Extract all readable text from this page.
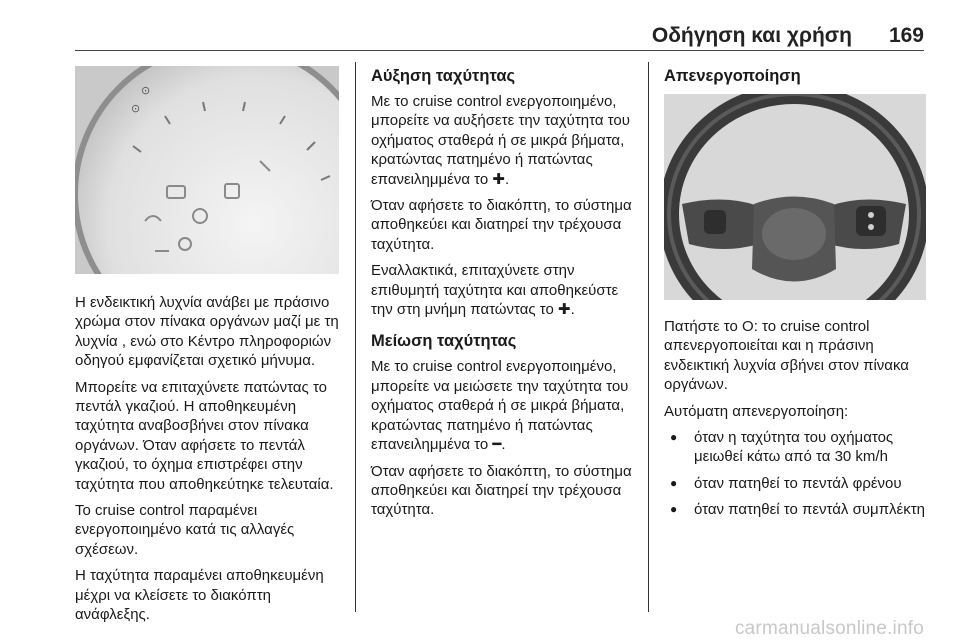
Οδήγηση και χρήση 169
⊙
⊙

Η ενδεικτική λυχνία ανάβει με πράσινο χρώμα στον πίνακα οργάνων μαζί με τη λυχνία , ενώ στο Κέντρο πληροφοριών οδηγού εμφανίζεται σχετικό μήνυμα.

Μπορείτε να επιταχύνετε πατώντας το πεντάλ γκαζιού. Η αποθηκευμένη ταχύτητα αναβοσβήνει στον πίνακα οργάνων. Όταν αφήσετε το πεντάλ γκαζιού, το όχημα επιστρέφει στην ταχύτητα που αποθηκεύτηκε τελευταία.

Το cruise control παραμένει ενεργοποιημένο κατά τις αλλαγές σχέσεων.

Η ταχύτητα παραμένει αποθηκευμένη μέχρι να κλείσετε το διακόπτη ανάφλεξης.

Αύξηση ταχύτητας

Με το cruise control ενεργοποιημένο, μπορείτε να αυξήσετε την ταχύτητα του οχήματος σταθερά ή σε μικρά βήματα, κρατώντας πατημένο ή πατώντας επανειλημμένα το ✚.

Όταν αφήσετε το διακόπτη, το σύστημα αποθηκεύει και διατηρεί την τρέχουσα ταχύτητα.

Εναλλακτικά, επιταχύνετε στην επιθυμητή ταχύτητα και αποθηκεύστε την στη μνήμη πατώντας το ✚.

Μείωση ταχύτητας

Με το cruise control ενεργοποιημένο, μπορείτε να μειώσετε την ταχύτητα του οχήματος σταθερά ή σε μικρά βήματα, κρατώντας πατημένο ή πατώντας επανειλημμένα το ━.

Όταν αφήσετε το διακόπτη, το σύστημα αποθηκεύει και διατηρεί την τρέχουσα ταχύτητα.

Απενεργοποίηση

Πατήστε το O: το cruise control απενεργοποιείται και η πράσινη ενδεικτική λυχνία σβήνει στον πίνακα οργάνων.

Αυτόματη απενεργοποίηση:

● όταν η ταχύτητα του οχήματος μειωθεί κάτω από τα 30 km/h
● όταν πατηθεί το πεντάλ φρένου
● όταν πατηθεί το πεντάλ συμπλέκτη
carmanualsonline.info
